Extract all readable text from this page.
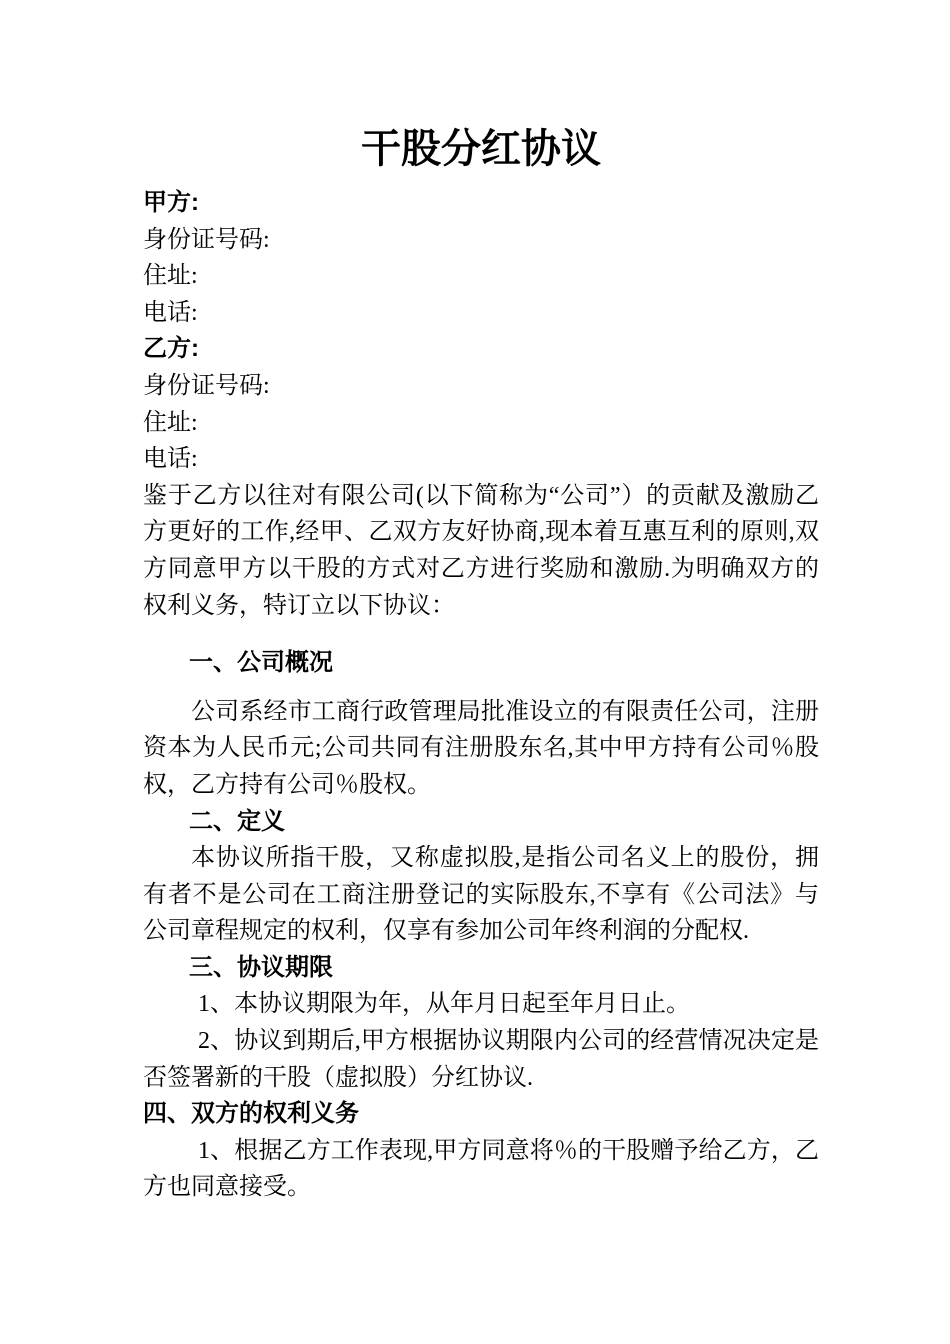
干股分红协议

甲方:

身份证号码:

住址:

电话:

乙方:

身份证号码:

住址:

电话:

鉴于乙方以往对有限公司(以下简称为“公司”）的贡献及激励乙方更好的工作,经甲、乙双方友好协商,现本着互惠互利的原则,双方同意甲方以干股的方式对乙方进行奖励和激励.为明确双方的权利义务，特订立以下协议：

一、公司概况

公司系经市工商行政管理局批准设立的有限责任公司，注册资本为人民币元;公司共同有注册股东名,其中甲方持有公司％股权，乙方持有公司％股权。

二、定义

本协议所指干股，又称虚拟股,是指公司名义上的股份，拥有者不是公司在工商注册登记的实际股东,不享有《公司法》与公司章程规定的权利，仅享有参加公司年终利润的分配权.

三、协议期限

1、本协议期限为年，从年月日起至年月日止。

2、协议到期后,甲方根据协议期限内公司的经营情况决定是否签署新的干股（虚拟股）分红协议.

四、双方的权利义务

1、根据乙方工作表现,甲方同意将％的干股赠予给乙方，乙方也同意接受。
